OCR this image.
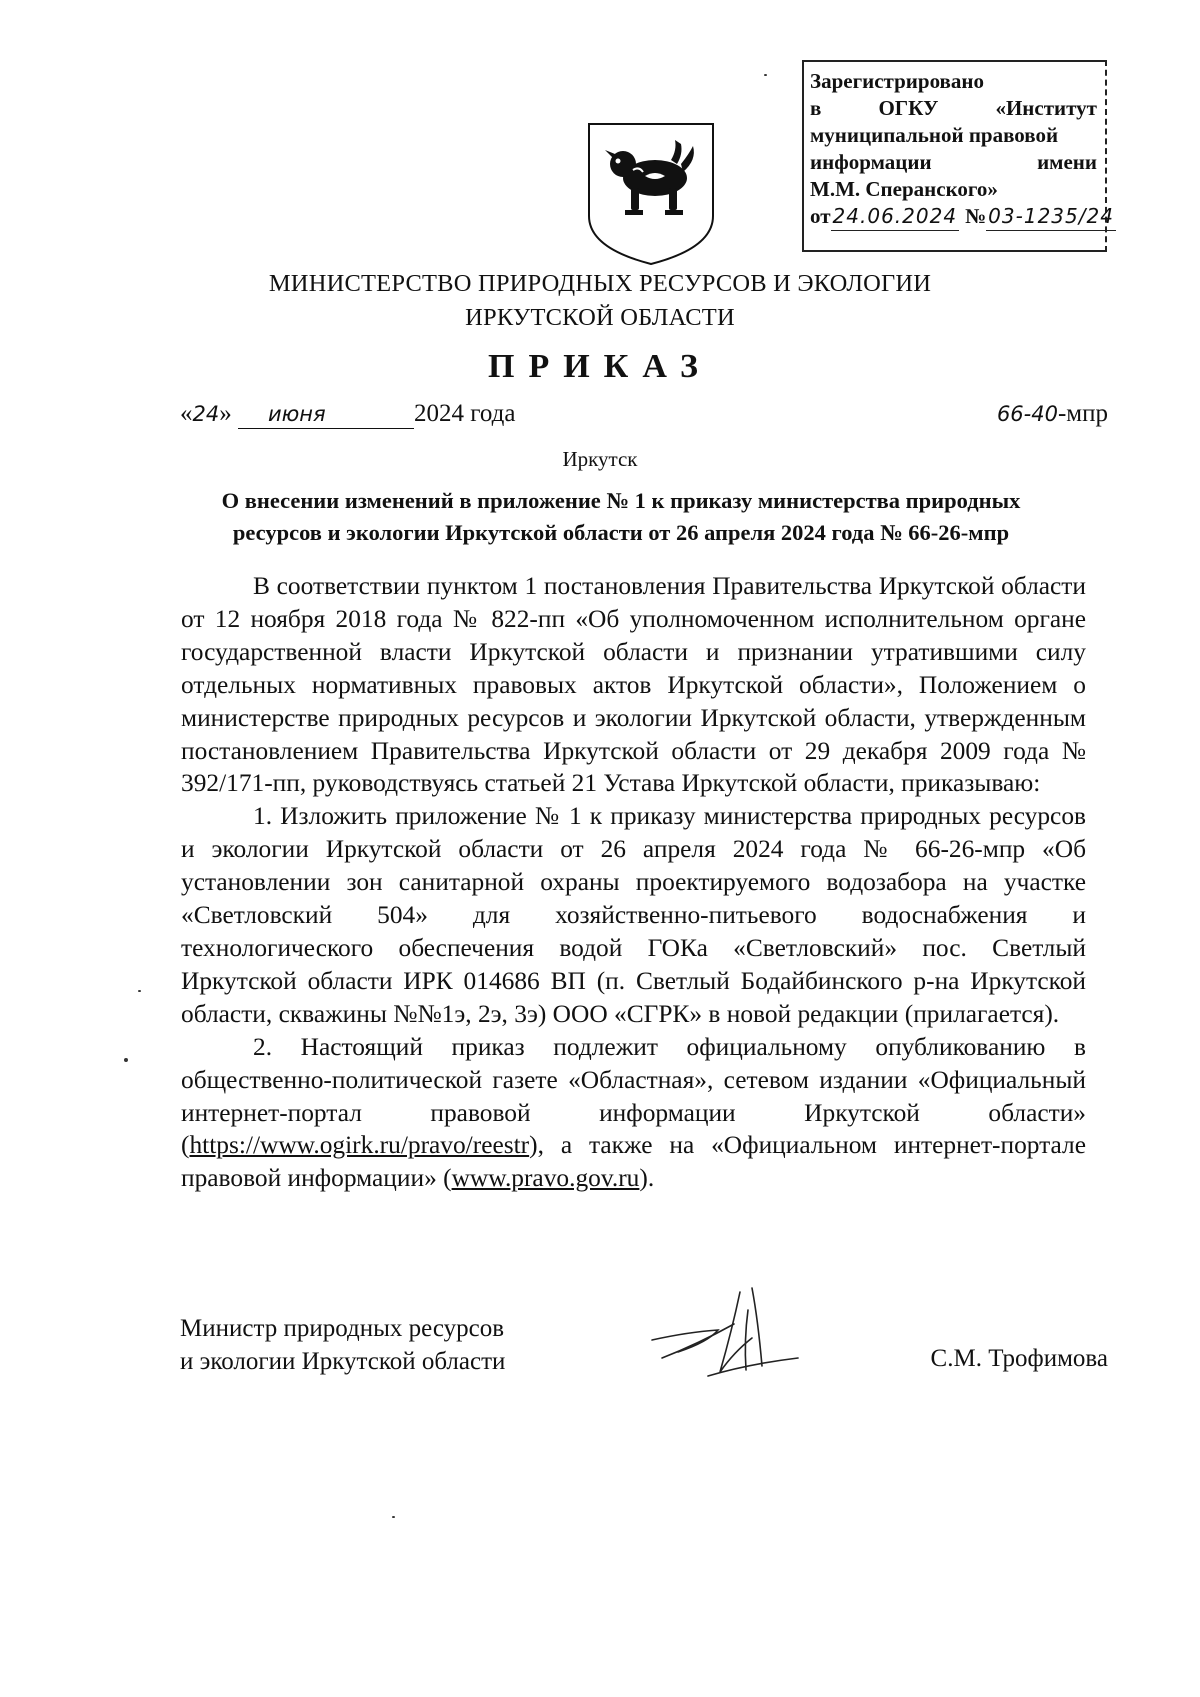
Зарегистрировано
в	ОГКУ	«Институт
муниципальной правовой
информации	имени
М.М. Сперанского»
от 24.06.2024 № 03-1235/24
МИНИСТЕРСТВО ПРИРОДНЫХ РЕСУРСОВ И ЭКОЛОГИИ
ИРКУТСКОЙ ОБЛАСТИ
ПРИКАЗ
«24» июня	2024 года	66-40-мпр
Иркутск
О внесении изменений в приложение № 1 к приказу министерства природных
ресурсов и экологии Иркутской области от 26 апреля 2024 года № 66-26-мпр

В соответствии пунктом 1 постановления Правительства Иркутской области от 12 ноября 2018 года № 822-пп «Об уполномоченном исполнительном органе государственной власти Иркутской области и признании утратившими силу отдельных нормативных правовых актов Иркутской области», Положением о министерстве природных ресурсов и экологии Иркутской области, утвержденным постановлением Правительства Иркутской области от 29 декабря 2009 года № 392/171-пп, руководствуясь статьей 21 Устава Иркутской области, приказываю:

1. Изложить приложение № 1 к приказу министерства природных ресурсов и экологии Иркутской области от 26 апреля 2024 года № 66-26-мпр «Об установлении зон санитарной охраны проектируемого водозабора на участке «Светловский 504» для хозяйственно-питьевого водоснабжения и технологического обеспечения водой ГОКа «Светловский» пос. Светлый Иркутской области ИРК 014686 ВП (п. Светлый Бодайбинского р-на Иркутской области, скважины №№1э, 2э, 3э) ООО «СГРК» в новой редакции (прилагается).

2. Настоящий приказ подлежит официальному опубликованию в общественно-политической газете «Областная», сетевом издании «Официальный интернет-портал правовой информации Иркутской области» (https://www.ogirk.ru/pravo/reestr), а также на «Официальном интернет-портале правовой информации» (www.pravo.gov.ru).

Министр природных ресурсов
и экологии Иркутской области	С.М. Трофимова
